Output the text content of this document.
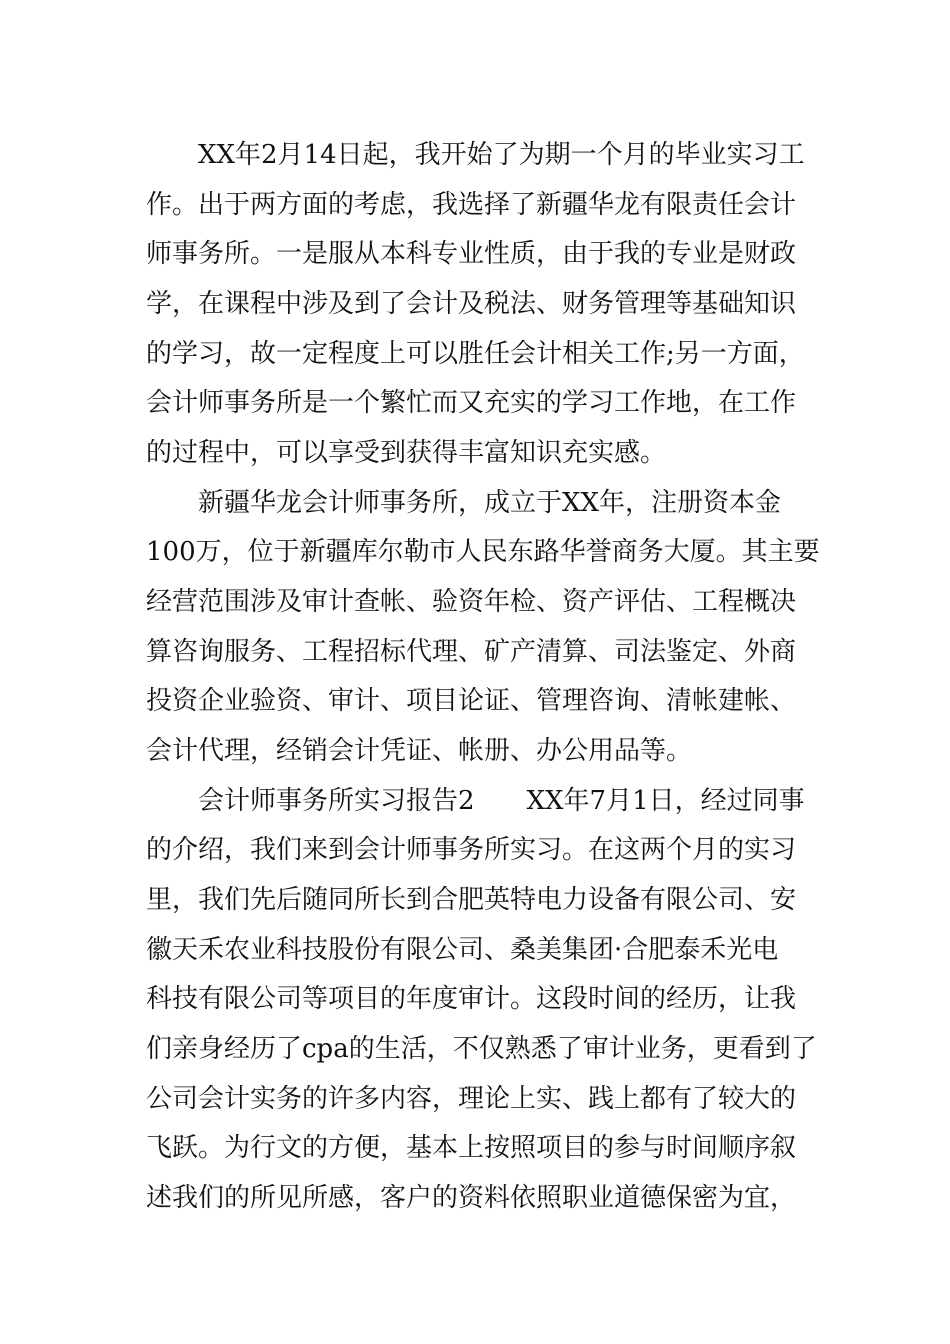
　　XX年2月14日起，我开始了为期一个月的毕业实习工
作。出于两方面的考虑，我选择了新疆华龙有限责任会计
师事务所。一是服从本科专业性质，由于我的专业是财政
学，在课程中涉及到了会计及税法、财务管理等基础知识
的学习，故一定程度上可以胜任会计相关工作;另一方面，
会计师事务所是一个繁忙而又充实的学习工作地，在工作
的过程中，可以享受到获得丰富知识充实感。
　　新疆华龙会计师事务所，成立于XX年，注册资本金
100万，位于新疆库尔勒市人民东路华誉商务大厦。其主要
经营范围涉及审计查帐、验资年检、资产评估、工程概决
算咨询服务、工程招标代理、矿产清算、司法鉴定、外商
投资企业验资、审计、项目论证、管理咨询、清帐建帐、
会计代理，经销会计凭证、帐册、办公用品等。
　　会计师事务所实习报告2　　XX年7月1日，经过同事
的介绍，我们来到会计师事务所实习。在这两个月的实习
里，我们先后随同所长到合肥英特电力设备有限公司、安
徽天禾农业科技股份有限公司、桑美集团·合肥泰禾光电
科技有限公司等项目的年度审计。这段时间的经历，让我
们亲身经历了cpa的生活，不仅熟悉了审计业务，更看到了
公司会计实务的许多内容，理论上实、践上都有了较大的
飞跃。为行文的方便，基本上按照项目的参与时间顺序叙
述我们的所见所感，客户的资料依照职业道德保密为宜，
